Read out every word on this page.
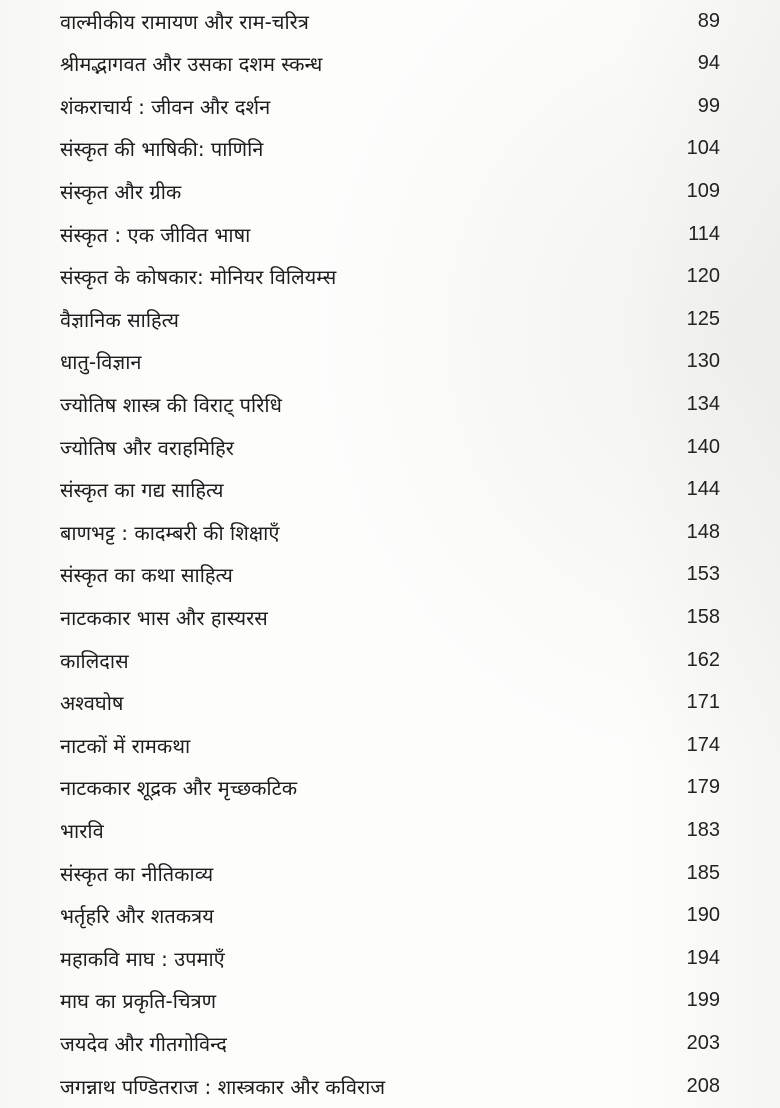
वाल्मीकीय रामायण और राम-चरित्र	89
श्रीमद्भागवत और उसका दशम स्कन्ध	94
शंकराचार्य : जीवन और दर्शन	99
संस्कृत की भाषिकी: पाणिनि	104
संस्कृत और ग्रीक	109
संस्कृत : एक जीवित भाषा	114
संस्कृत के कोषकार: मोनियर विलियम्स	120
वैज्ञानिक साहित्य	125
धातु-विज्ञान	130
ज्योतिष शास्त्र की विराट् परिधि	134
ज्योतिष और वराहमिहिर	140
संस्कृत का गद्य साहित्य	144
बाणभट्ट : कादम्बरी की शिक्षाएँ	148
संस्कृत का कथा साहित्य	153
नाटककार भास और हास्यरस	158
कालिदास	162
अश्वघोष	171
नाटकों में रामकथा	174
नाटककार शूद्रक और मृच्छकटिक	179
भारवि	183
संस्कृत का नीतिकाव्य	185
भर्तृहरि और शतकत्रय	190
महाकवि माघ : उपमाएँ	194
माघ का प्रकृति-चित्रण	199
जयदेव और गीतगोविन्द	203
जगन्नाथ पण्डितराज : शास्त्रकार और कविराज	208
